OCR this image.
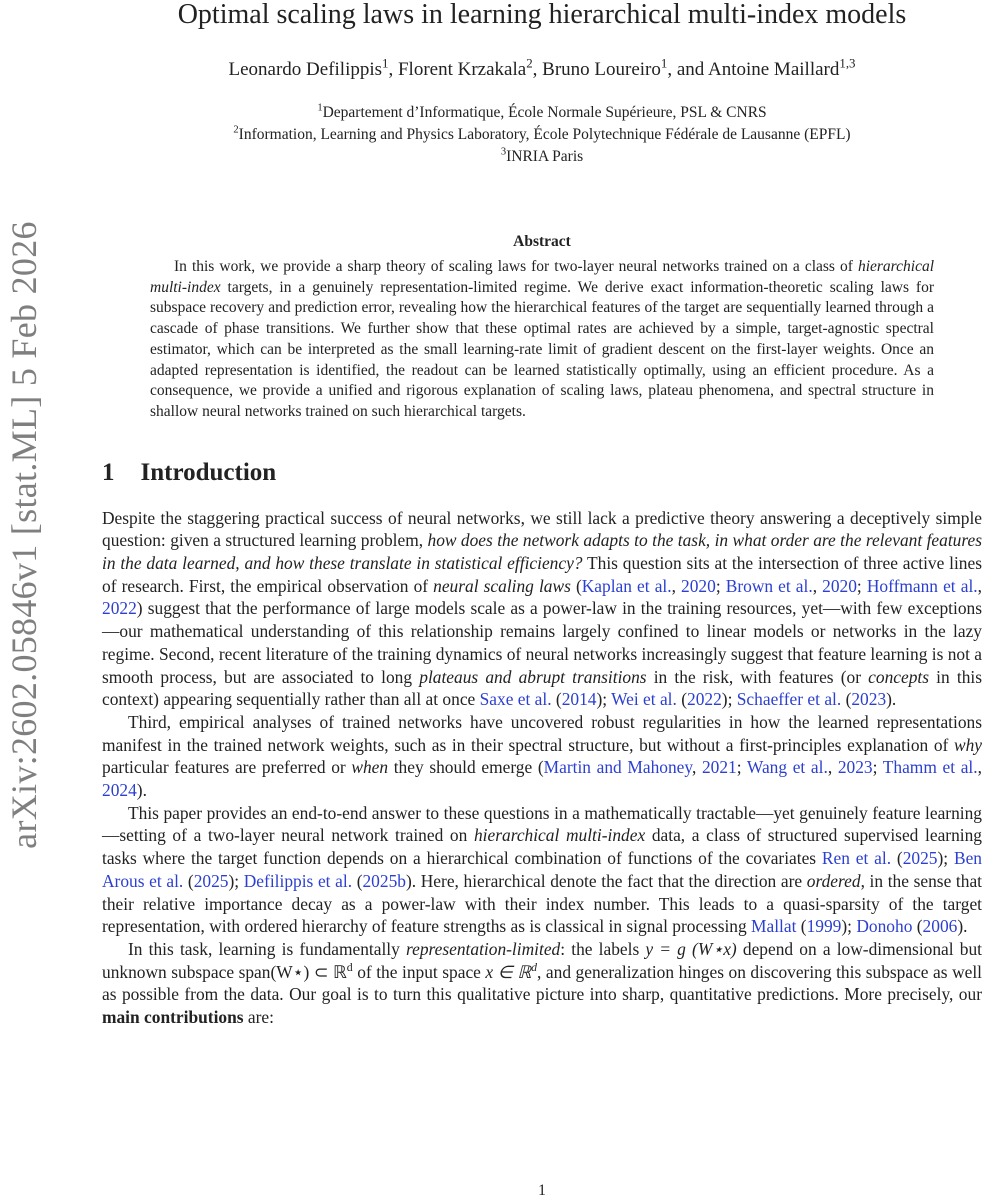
arXiv:2602.05846v1 [stat.ML] 5 Feb 2026
Optimal scaling laws in learning hierarchical multi-index models
Leonardo Defilippis$^1$, Florent Krzakala$^2$, Bruno Loureiro$^1$, and Antoine Maillard$^{1,3}$
$^1$Departement d’Informatique, École Normale Supérieure, PSL & CNRS
$^2$Information, Learning and Physics Laboratory, École Polytechnique Fédérale de Lausanne (EPFL)
$^3$INRIA Paris
Abstract

In this work, we provide a sharp theory of scaling laws for two-layer neural networks trained on a class of hierarchical multi-index targets, in a genuinely representation-limited regime. We derive exact information-theoretic scaling laws for subspace recovery and prediction error, revealing how the hierarchical features of the target are sequentially learned through a cascade of phase transitions. We further show that these optimal rates are achieved by a simple, target-agnostic spectral estimator, which can be interpreted as the small learning-rate limit of gradient descent on the first-layer weights. Once an adapted representation is identified, the readout can be learned statistically optimally, using an efficient procedure. As a consequence, we provide a unified and rigorous explanation of scaling laws, plateau phenomena, and spectral structure in shallow neural networks trained on such hierarchical targets.

1 Introduction

Despite the staggering practical success of neural networks, we still lack a predictive theory answering a deceptively simple question: given a structured learning problem, how does the network adapts to the task, in what order are the relevant features in the data learned, and how these translate in statistical efficiency? This question sits at the intersection of three active lines of research. First, the empirical observation of neural scaling laws (Kaplan et al., 2020; Brown et al., 2020; Hoffmann et al., 2022) suggest that the performance of large models scale as a power-law in the training resources, yet—with few exceptions—our mathematical understanding of this relationship remains largely confined to linear models or networks in the lazy regime. Second, recent literature of the training dynamics of neural networks increasingly suggest that feature learning is not a smooth process, but are associated to long plateaus and abrupt transitions in the risk, with features (or concepts in this context) appearing sequentially rather than all at once Saxe et al. (2014); Wei et al. (2022); Schaeffer et al. (2023).

Third, empirical analyses of trained networks have uncovered robust regularities in how the learned representations manifest in the trained network weights, such as in their spectral structure, but without a first-principles explanation of why particular features are preferred or when they should emerge (Martin and Mahoney, 2021; Wang et al., 2023; Thamm et al., 2024).

This paper provides an end-to-end answer to these questions in a mathematically tractable—yet genuinely feature learning—setting of a two-layer neural network trained on hierarchical multi-index data, a class of structured supervised learning tasks where the target function depends on a hierarchical combination of functions of the covariates Ren et al. (2025); Ben Arous et al. (2025); Defilippis et al. (2025b). Here, hierarchical denote the fact that the direction are ordered, in the sense that their relative importance decay as a power-law with their index number. This leads to a quasi-sparsity of the target representation, with ordered hierarchy of feature strengths as is classical in signal processing Mallat (1999); Donoho (2006).

In this task, learning is fundamentally representation-limited: the labels y = g (W⋆x) depend on a low-dimensional but unknown subspace span(W⋆) ⊂ ℝ$^d$ of the input space x ∈ ℝ$^d$, and generalization hinges on discovering this subspace as well as possible from the data. Our goal is to turn this qualitative picture into sharp, quantitative predictions. More precisely, our main contributions are:

1
